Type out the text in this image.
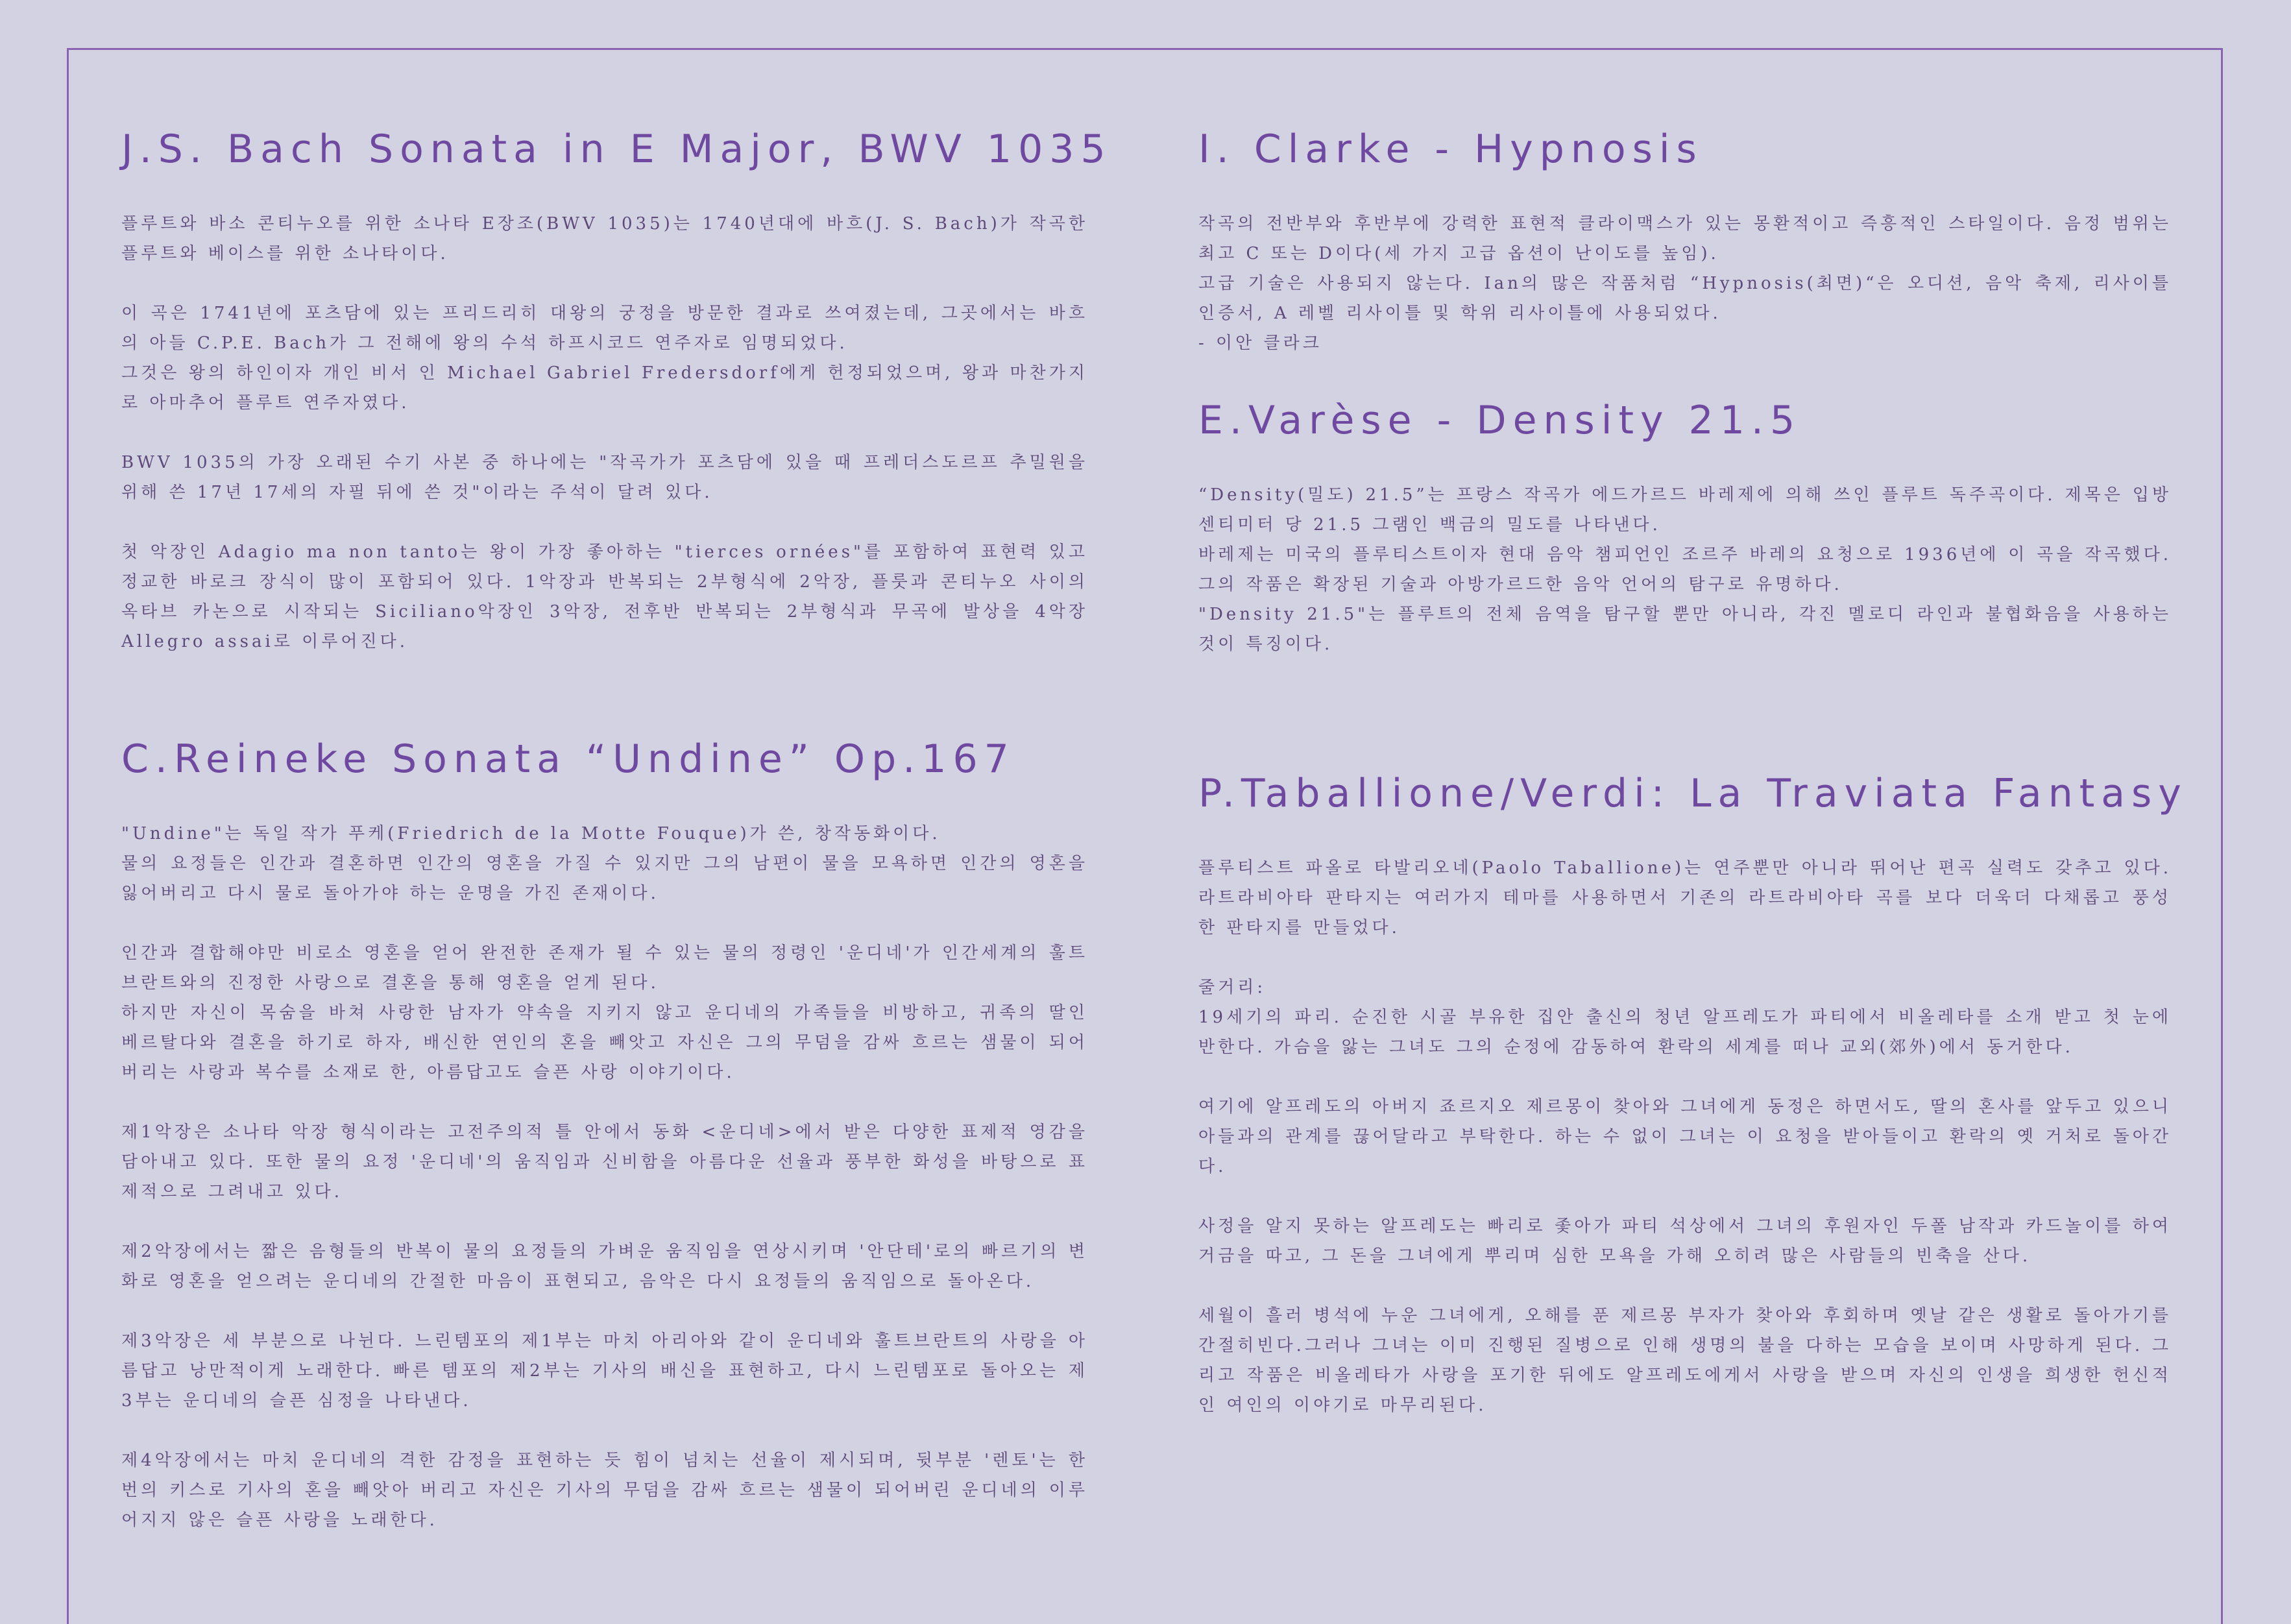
J.S. Bach Sonata in E Major, BWV 1035

플루트와 바소 콘티누오를 위한 소나타 E장조(BWV 1035)는 1740년대에 바흐(J. S. Bach)가 작곡한 플루트와 베이스를 위한 소나타이다.

이 곡은 1741년에 포츠담에 있는 프리드리히 대왕의 궁정을 방문한 결과로 쓰여졌는데, 그곳에서는 바흐의 아들 C.P.E. Bach가 그 전해에 왕의 수석 하프시코드 연주자로 임명되었다.

그것은 왕의 하인이자 개인 비서 인 Michael Gabriel Fredersdorf에게 헌정되었으며, 왕과 마찬가지로 아마추어 플루트 연주자였다.

BWV 1035의 가장 오래된 수기 사본 중 하나에는 "작곡가가 포츠담에 있을 때 프레더스도르프 추밀원을 위해 쓴 17년 17세의 자필 뒤에 쓴 것"이라는 주석이 달려 있다.

첫 악장인 Adagio ma non tanto는 왕이 가장 좋아하는 "tierces ornées"를 포함하여 표현력 있고 정교한 바로크 장식이 많이 포함되어 있다. 1악장과 반복되는 2부형식에 2악장, 플룻과 콘티누오 사이의 옥타브 카논으로 시작되는 Siciliano악장인 3악장, 전후반 반복되는 2부형식과 무곡에 발상을 4악장 Allegro assai로 이루어진다.

C.Reineke Sonata “Undine” Op.167

"Undine"는 독일 작가 푸케(Friedrich de la Motte Fouque)가 쓴, 창작동화이다.

물의 요정들은 인간과 결혼하면 인간의 영혼을 가질 수 있지만 그의 남편이 물을 모욕하면 인간의 영혼을 잃어버리고 다시 물로 돌아가야 하는 운명을 가진 존재이다.

인간과 결합해야만 비로소 영혼을 얻어 완전한 존재가 될 수 있는 물의 정령인 '운디네'가 인간세계의 훌트브란트와의 진정한 사랑으로 결혼을 통해 영혼을 얻게 된다.

하지만 자신이 목숨을 바쳐 사랑한 남자가 약속을 지키지 않고 운디네의 가족들을 비방하고, 귀족의 딸인 베르탈다와 결혼을 하기로 하자, 배신한 연인의 혼을 빼앗고 자신은 그의 무덤을 감싸 흐르는 샘물이 되어버리는 사랑과 복수를 소재로 한, 아름답고도 슬픈 사랑 이야기이다.

제1악장은 소나타 악장 형식이라는 고전주의적 틀 안에서 동화 <운디네>에서 받은 다양한 표제적 영감을 담아내고 있다. 또한 물의 요정 '운디네'의 움직임과 신비함을 아름다운 선율과 풍부한 화성을 바탕으로 표제적으로 그려내고 있다.

제2악장에서는 짧은 음형들의 반복이 물의 요정들의 가벼운 움직임을 연상시키며 '안단테'로의 빠르기의 변화로 영혼을 얻으려는 운디네의 간절한 마음이 표현되고, 음악은 다시 요정들의 움직임으로 돌아온다.

제3악장은 세 부분으로 나뉜다. 느린템포의 제1부는 마치 아리아와 같이 운디네와 훌트브란트의 사랑을 아름답고 낭만적이게 노래한다. 빠른 템포의 제2부는 기사의 배신을 표현하고, 다시 느린템포로 돌아오는 제3부는 운디네의 슬픈 심정을 나타낸다.

제4악장에서는 마치 운디네의 격한 감정을 표현하는 듯 힘이 넘치는 선율이 제시되며, 뒷부분 '렌토'는 한 번의 키스로 기사의 혼을 빼앗아 버리고 자신은 기사의 무덤을 감싸 흐르는 샘물이 되어버린 운디네의 이루어지지 않은 슬픈 사랑을 노래한다.

I. Clarke - Hypnosis

작곡의 전반부와 후반부에 강력한 표현적 클라이맥스가 있는 몽환적이고 즉흥적인 스타일이다. 음정 범위는 최고 C 또는 D이다(세 가지 고급 옵션이 난이도를 높임).

고급 기술은 사용되지 않는다. Ian의 많은 작품처럼 “Hypnosis(최면)“은 오디션, 음악 축제, 리사이틀 인증서, A 레벨 리사이틀 및 학위 리사이틀에 사용되었다.

- 이안 클라크

E.Varèse - Density 21.5

“Density(밀도) 21.5”는 프랑스 작곡가 에드가르드 바레제에 의해 쓰인 플루트 독주곡이다. 제목은 입방 센티미터 당 21.5 그램인 백금의 밀도를 나타낸다.

바레제는 미국의 플루티스트이자 현대 음악 챔피언인 조르주 바레의 요청으로 1936년에 이 곡을 작곡했다. 그의 작품은 확장된 기술과 아방가르드한 음악 언어의 탐구로 유명하다.

"Density 21.5"는 플루트의 전체 음역을 탐구할 뿐만 아니라, 각진 멜로디 라인과 불협화음을 사용하는 것이 특징이다.

P.Taballione/Verdi: La Traviata Fantasy

플루티스트 파올로 타발리오네(Paolo Taballione)는 연주뿐만 아니라 뛰어난 편곡 실력도 갖추고 있다. 라트라비아타 판타지는 여러가지 테마를 사용하면서 기존의 라트라비아타 곡를 보다 더욱더 다채롭고 풍성한 판타지를 만들었다.

줄거리:

19세기의 파리. 순진한 시골 부유한 집안 출신의 청년 알프레도가 파티에서 비올레타를 소개 받고 첫 눈에 반한다. 가슴을 앓는 그녀도 그의 순정에 감동하여 환락의 세계를 떠나 교외(郊外)에서 동거한다.

여기에 알프레도의 아버지 죠르지오 제르몽이 찾아와 그녀에게 동정은 하면서도, 딸의 혼사를 앞두고 있으니 아들과의 관계를 끊어달라고 부탁한다. 하는 수 없이 그녀는 이 요청을 받아들이고 환락의 옛 거처로 돌아간다.

사정을 알지 못하는 알프레도는 빠리로 좇아가 파티 석상에서 그녀의 후원자인 두폴 남작과 카드놀이를 하여 거금을 따고, 그 돈을 그녀에게 뿌리며 심한 모욕을 가해 오히려 많은 사람들의 빈축을 산다.

세월이 흘러 병석에 누운 그녀에게, 오해를 푼 제르몽 부자가 찾아와 후회하며 옛날 같은 생활로 돌아가기를 간절히빈다.그러나 그녀는 이미 진행된 질병으로 인해 생명의 불을 다하는 모습을 보이며 사망하게 된다. 그리고 작품은 비올레타가 사랑을 포기한 뒤에도 알프레도에게서 사랑을 받으며 자신의 인생을 희생한 헌신적인 여인의 이야기로 마무리된다.
